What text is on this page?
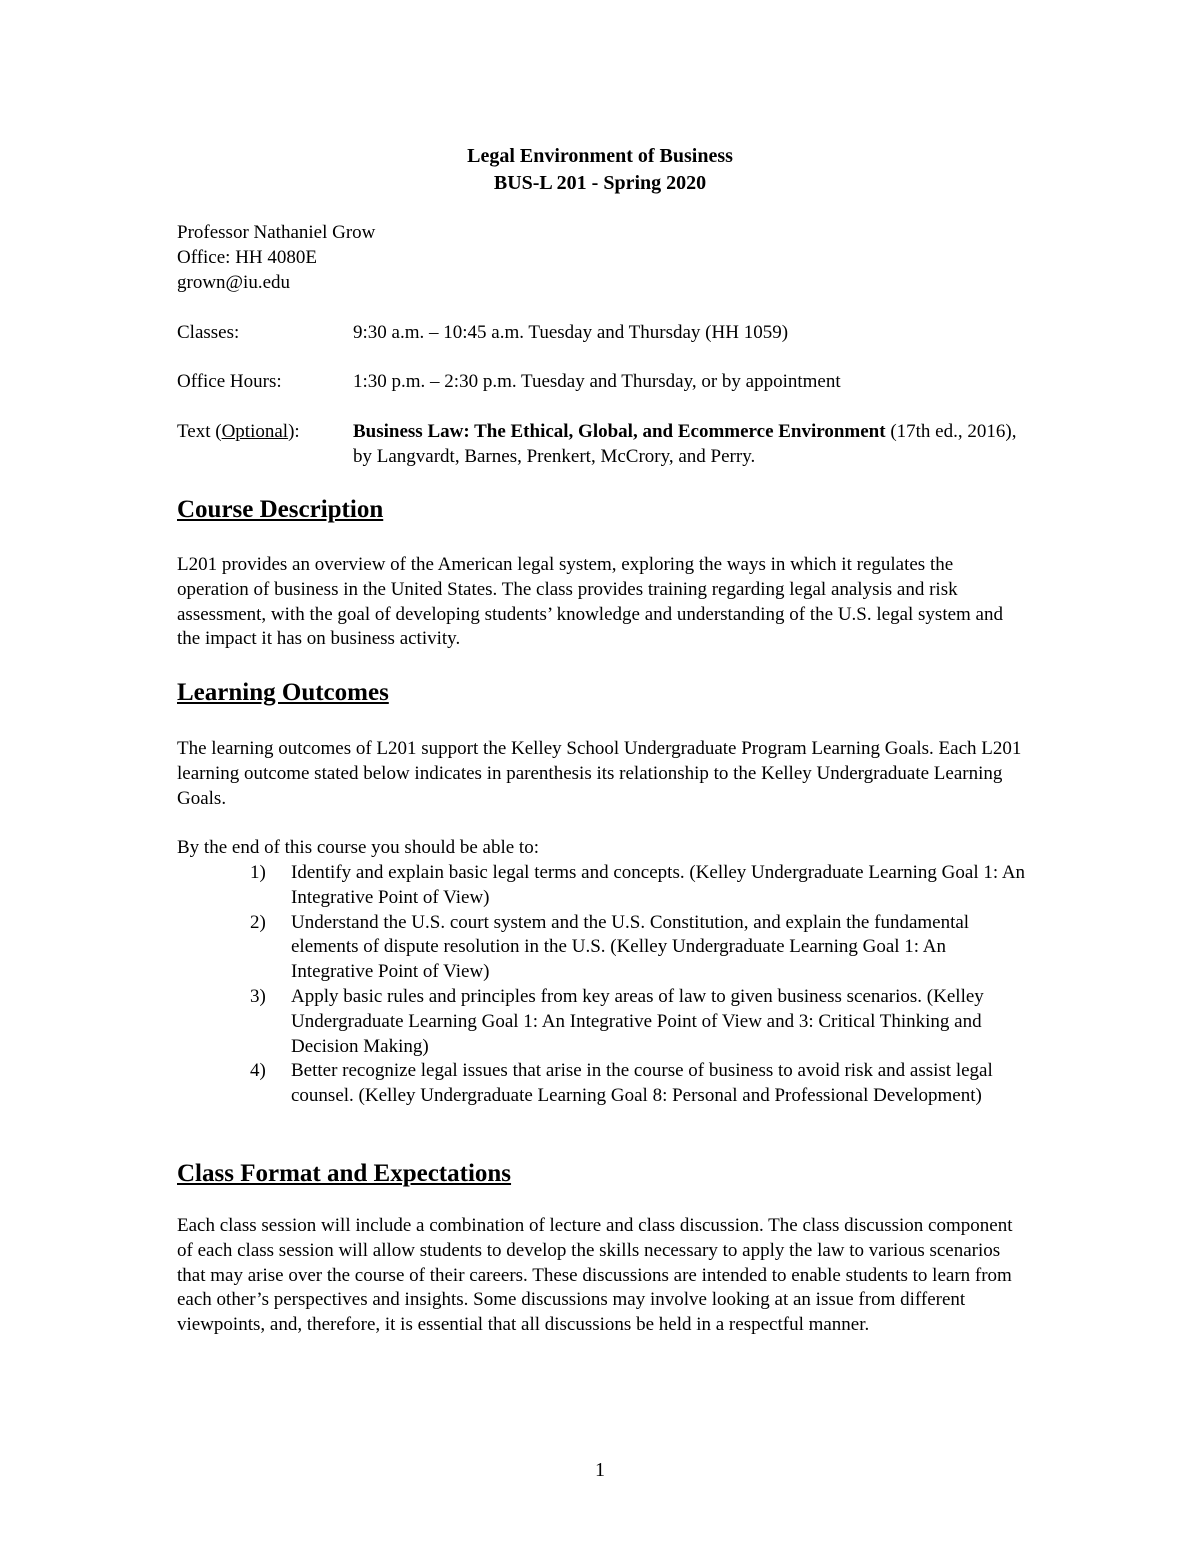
Legal Environment of Business
BUS-L 201 - Spring 2020
Professor Nathaniel Grow
Office: HH 4080E
grown@iu.edu
Classes:	9:30 a.m. – 10:45 a.m. Tuesday and Thursday (HH 1059)
Office Hours:	1:30 p.m. – 2:30 p.m. Tuesday and Thursday, or by appointment
Text (Optional):	Business Law: The Ethical, Global, and Ecommerce Environment (17th ed., 2016), by Langvardt, Barnes, Prenkert, McCrory, and Perry.
Course Description

L201 provides an overview of the American legal system, exploring the ways in which it regulates the operation of business in the United States. The class provides training regarding legal analysis and risk assessment, with the goal of developing students’ knowledge and understanding of the U.S. legal system and the impact it has on business activity.

Learning Outcomes

The learning outcomes of L201 support the Kelley School Undergraduate Program Learning Goals. Each L201 learning outcome stated below indicates in parenthesis its relationship to the Kelley Undergraduate Learning Goals.

By the end of this course you should be able to:

1) Identify and explain basic legal terms and concepts. (Kelley Undergraduate Learning Goal 1: An Integrative Point of View)
2) Understand the U.S. court system and the U.S. Constitution, and explain the fundamental elements of dispute resolution in the U.S. (Kelley Undergraduate Learning Goal 1: An Integrative Point of View)
3) Apply basic rules and principles from key areas of law to given business scenarios. (Kelley Undergraduate Learning Goal 1: An Integrative Point of View and 3: Critical Thinking and Decision Making)
4) Better recognize legal issues that arise in the course of business to avoid risk and assist legal counsel. (Kelley Undergraduate Learning Goal 8: Personal and Professional Development)
Class Format and Expectations

Each class session will include a combination of lecture and class discussion. The class discussion component of each class session will allow students to develop the skills necessary to apply the law to various scenarios that may arise over the course of their careers. These discussions are intended to enable students to learn from each other’s perspectives and insights. Some discussions may involve looking at an issue from different viewpoints, and, therefore, it is essential that all discussions be held in a respectful manner.

1
